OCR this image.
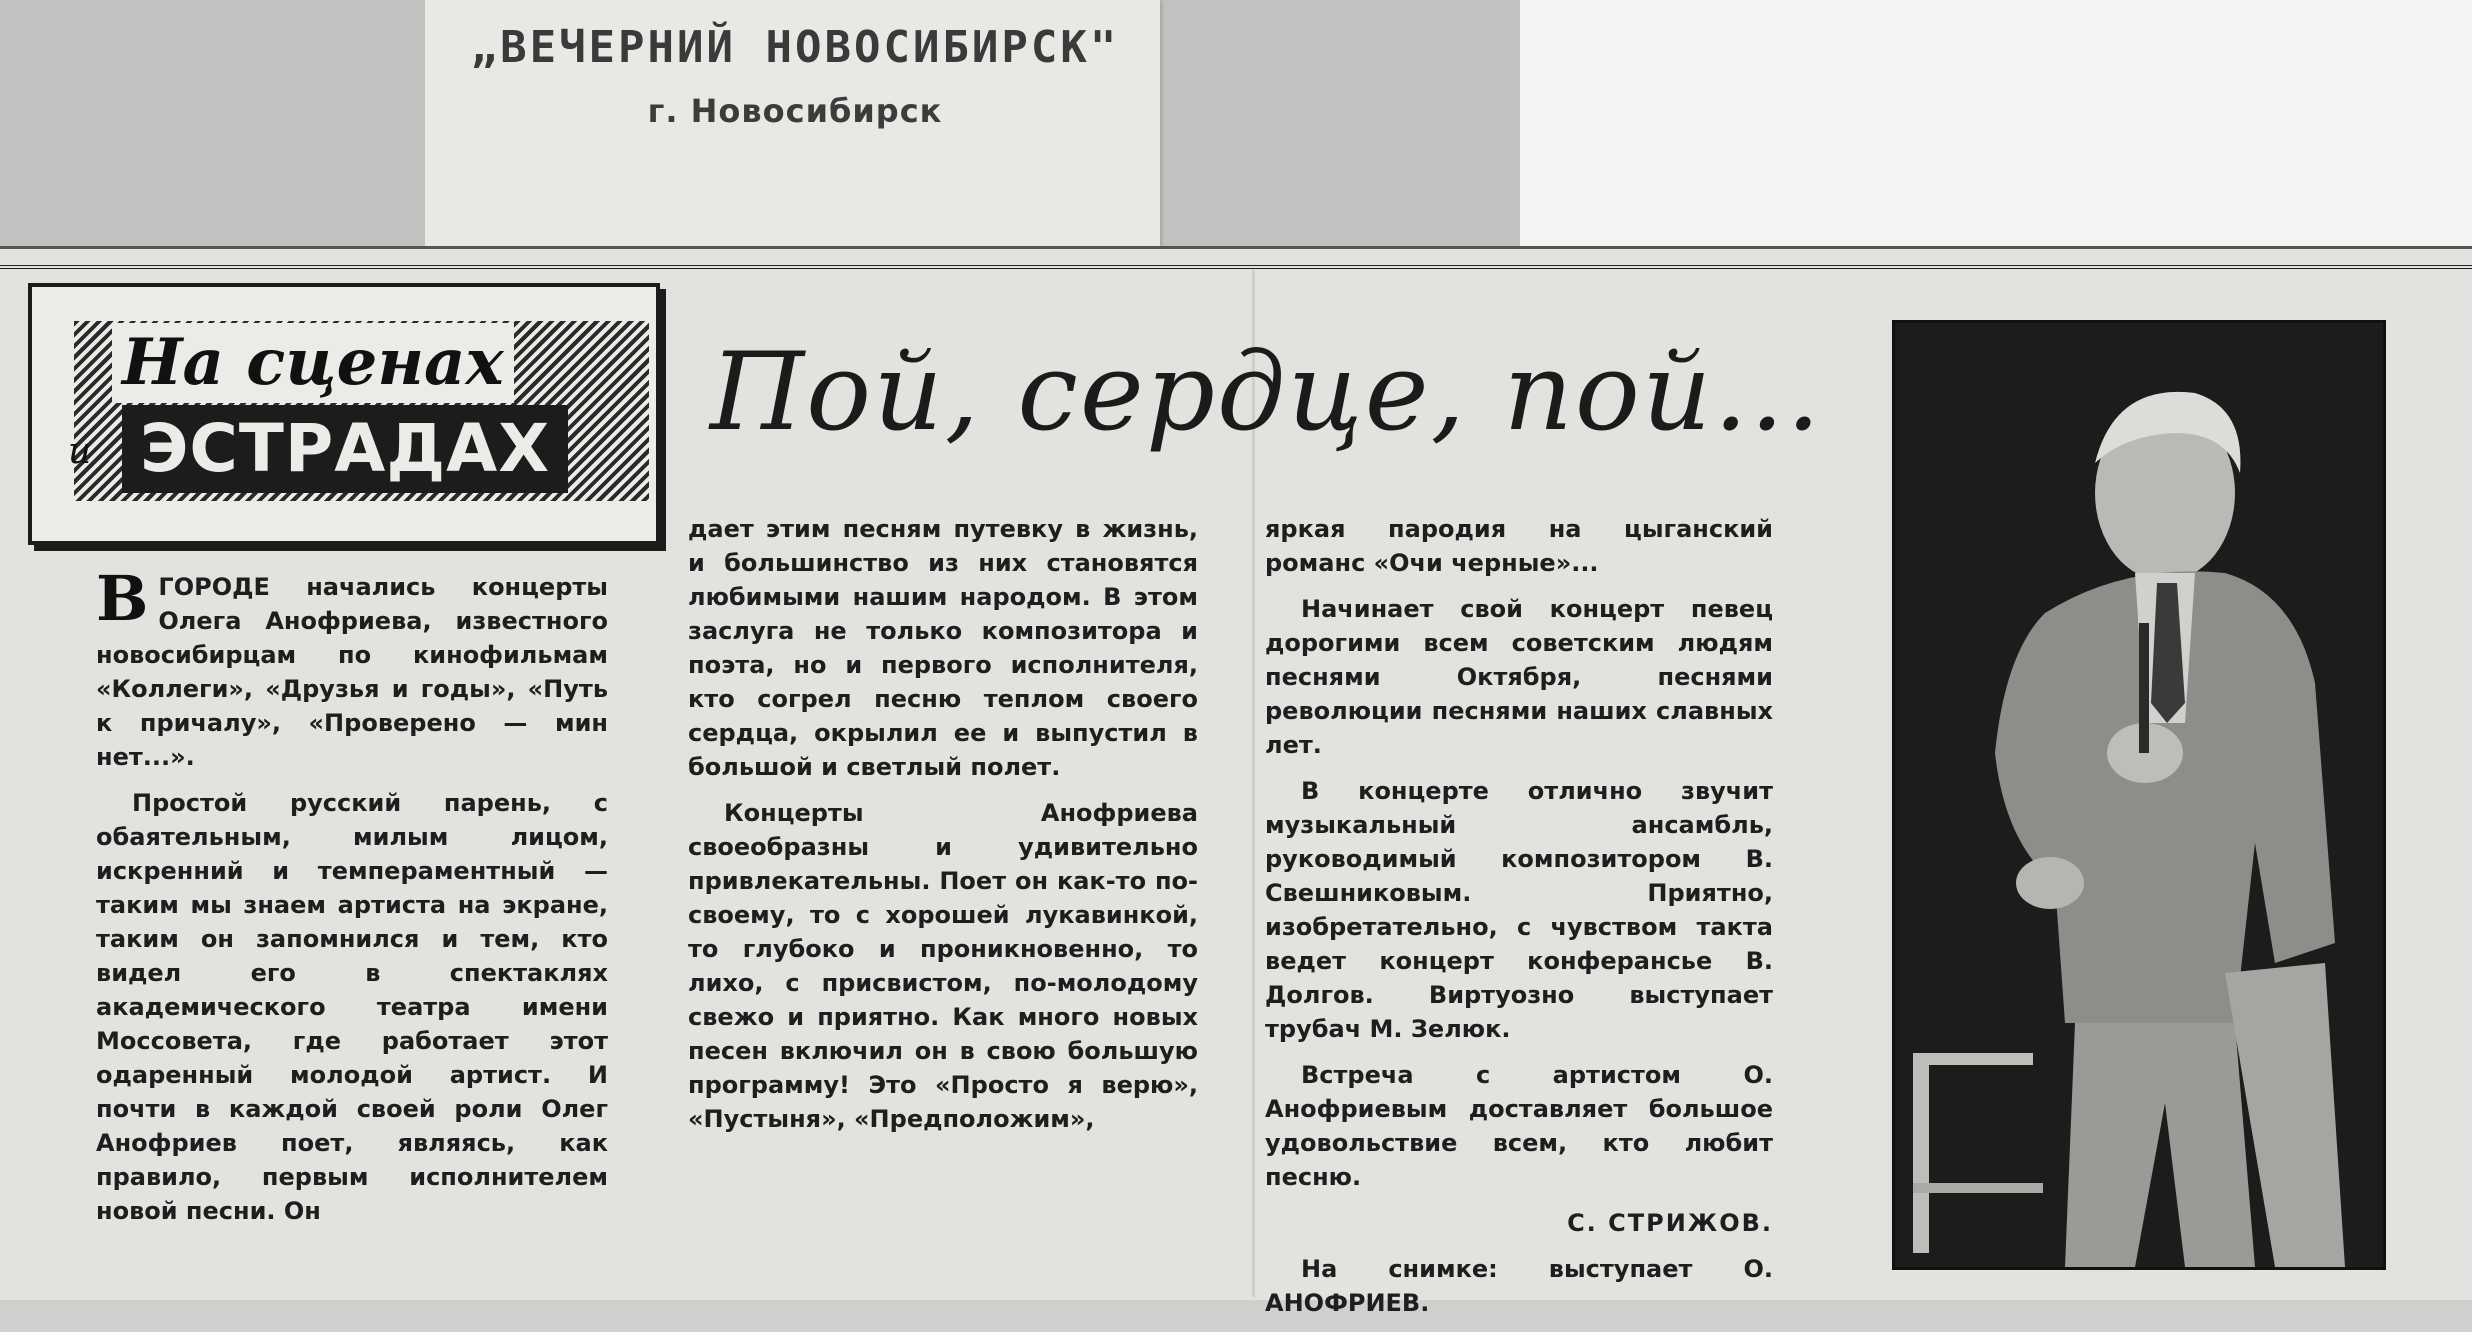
„ВЕЧЕРНИЙ НОВОСИБИРСК"
г. Новосибирск
На сценах
и ЭСТРАДАХ Пой, сердце, пой...

ВГОРОДЕ начались концерты Олега Анофриева, известного новосибирцам по кинофильмам «Коллеги», «Друзья и годы», «Путь к причалу», «Проверено — мин нет...».

Простой русский парень, с обаятельным, милым лицом, искренний и темпераментный — таким мы знаем артиста на экране, таким он запомнился и тем, кто видел его в спектаклях академического театра имени Моссовета, где работает этот одаренный молодой артист. И почти в каждой своей роли Олег Анофриев поет, являясь, как правило, первым исполнителем новой песни. Он

дает этим песням путевку в жизнь, и большинство из них становятся любимыми нашим народом. В этом заслуга не только композитора и поэта, но и первого исполнителя, кто согрел песню теплом своего сердца, окрылил ее и выпустил в большой и светлый полет.

Концерты Анофриева своеобразны и удивительно привлекательны. Поет он как-то по-своему, то с хорошей лукавинкой, то глубоко и проникновенно, то лихо, с присвистом, по-молодому свежо и приятно. Как много новых песен включил он в свою большую программу! Это «Просто я верю», «Пустыня», «Предположим»,

яркая пародия на цыганский романс «Очи черные»...

Начинает свой концерт певец дорогими всем советским людям песнями Октября, песнями революции песнями наших славных лет.

В концерте отлично звучит музыкальный ансамбль, руководимый композитором В. Свешниковым. Приятно, изобретательно, с чувством такта ведет концерт конферансье В. Долгов. Виртуозно выступает трубач М. Зелюк.

Встреча с артистом О. Анофриевым доставляет большое удовольствие всем, кто любит песню.

С. СТРИЖОВ.

На снимке: выступает О. АНОФРИЕВ.
